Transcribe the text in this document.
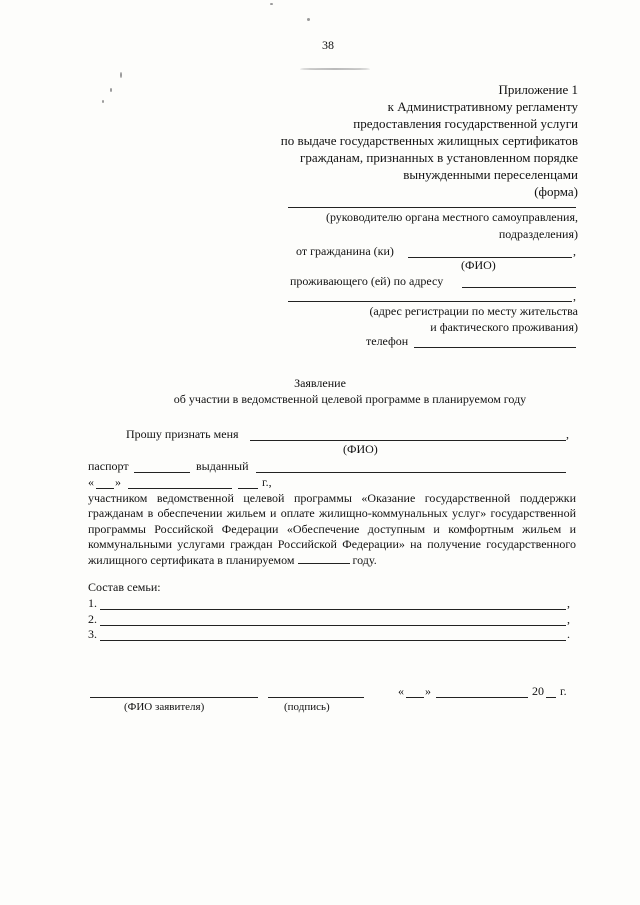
38
Приложение 1
к Административному регламенту
предоставления государственной услуги
по выдаче государственных жилищных сертификатов
гражданам, признанных в установленном порядке
вынужденными переселенцами
(форма)
(руководителю органа местного самоуправления,
подразделения)
от гражданина (ки)	,
(ФИО)
проживающего (ей) по адресу
,
(адрес регистрации по месту жительства
и фактического проживания)
телефон
Заявление
об участии в ведомственной целевой программе в планируемом году
Прошу признать меня	,
(ФИО)
паспорт	выданный
« »	г.,
участником ведомственной целевой программы «Оказание государственной поддержки гражданам в обеспечении жильем и оплате жилищно-коммунальных услуг» государственной программы Российской Федерации «Обеспечение доступным и комфортным жильем и коммунальными услугами граждан Российской Федерации» на получение государственного жилищного сертификата в планируемом	году.
Состав семьи:
1.	,
2.	,
3.	.
(ФИО заявителя)	(подпись)
« »	20 г.
